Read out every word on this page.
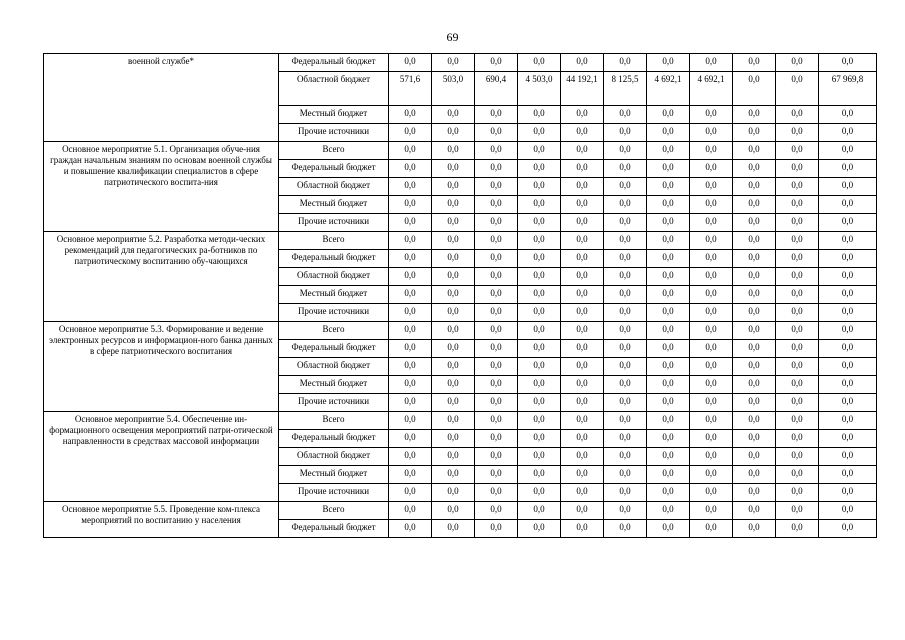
69
военной службе*	Федеральный бюджет	0,0	0,0	0,0	0,0	0,0	0,0	0,0	0,0	0,0	0,0	0,0
	Областной бюджет	571,6	503,0	690,4	4 503,0	44 192,1	8 125,5	4 692,1	4 692,1	0,0	0,0	67 969,8
	Местный бюджет	0,0	0,0	0,0	0,0	0,0	0,0	0,0	0,0	0,0	0,0	0,0
	Прочие источники	0,0	0,0	0,0	0,0	0,0	0,0	0,0	0,0	0,0	0,0	0,0
Основное мероприятие 5.1. Организация обуче-ния граждан начальным знаниям по основам военной службы и повышение квалификации специалистов в сфере патриотического воспита-ния	Всего	0,0	0,0	0,0	0,0	0,0	0,0	0,0	0,0	0,0	0,0	0,0
	Федеральный бюджет	0,0	0,0	0,0	0,0	0,0	0,0	0,0	0,0	0,0	0,0	0,0
	Областной бюджет	0,0	0,0	0,0	0,0	0,0	0,0	0,0	0,0	0,0	0,0	0,0
	Местный бюджет	0,0	0,0	0,0	0,0	0,0	0,0	0,0	0,0	0,0	0,0	0,0
	Прочие источники	0,0	0,0	0,0	0,0	0,0	0,0	0,0	0,0	0,0	0,0	0,0
Основное мероприятие 5.2. Разработка методи-ческих рекомендаций для педагогических ра-ботников по патриотическому воспитанию обу-чающихся	Всего	0,0	0,0	0,0	0,0	0,0	0,0	0,0	0,0	0,0	0,0	0,0
	Федеральный бюджет	0,0	0,0	0,0	0,0	0,0	0,0	0,0	0,0	0,0	0,0	0,0
	Областной бюджет	0,0	0,0	0,0	0,0	0,0	0,0	0,0	0,0	0,0	0,0	0,0
	Местный бюджет	0,0	0,0	0,0	0,0	0,0	0,0	0,0	0,0	0,0	0,0	0,0
	Прочие источники	0,0	0,0	0,0	0,0	0,0	0,0	0,0	0,0	0,0	0,0	0,0
Основное мероприятие 5.3. Формирование и ведение электронных ресурсов и информацион-ного банка данных в сфере патриотического воспитания	Всего	0,0	0,0	0,0	0,0	0,0	0,0	0,0	0,0	0,0	0,0	0,0
	Федеральный бюджет	0,0	0,0	0,0	0,0	0,0	0,0	0,0	0,0	0,0	0,0	0,0
	Областной бюджет	0,0	0,0	0,0	0,0	0,0	0,0	0,0	0,0	0,0	0,0	0,0
	Местный бюджет	0,0	0,0	0,0	0,0	0,0	0,0	0,0	0,0	0,0	0,0	0,0
	Прочие источники	0,0	0,0	0,0	0,0	0,0	0,0	0,0	0,0	0,0	0,0	0,0
Основное мероприятие 5.4. Обеспечение ин-формационного освещения мероприятий патри-отической направленности в средствах массовой информации	Всего	0,0	0,0	0,0	0,0	0,0	0,0	0,0	0,0	0,0	0,0	0,0
	Федеральный бюджет	0,0	0,0	0,0	0,0	0,0	0,0	0,0	0,0	0,0	0,0	0,0
	Областной бюджет	0,0	0,0	0,0	0,0	0,0	0,0	0,0	0,0	0,0	0,0	0,0
	Местный бюджет	0,0	0,0	0,0	0,0	0,0	0,0	0,0	0,0	0,0	0,0	0,0
	Прочие источники	0,0	0,0	0,0	0,0	0,0	0,0	0,0	0,0	0,0	0,0	0,0
Основное мероприятие 5.5. Проведение ком-плекса мероприятий по воспитанию у населения	Всего	0,0	0,0	0,0	0,0	0,0	0,0	0,0	0,0	0,0	0,0	0,0
	Федеральный бюджет	0,0	0,0	0,0	0,0	0,0	0,0	0,0	0,0	0,0	0,0	0,0
